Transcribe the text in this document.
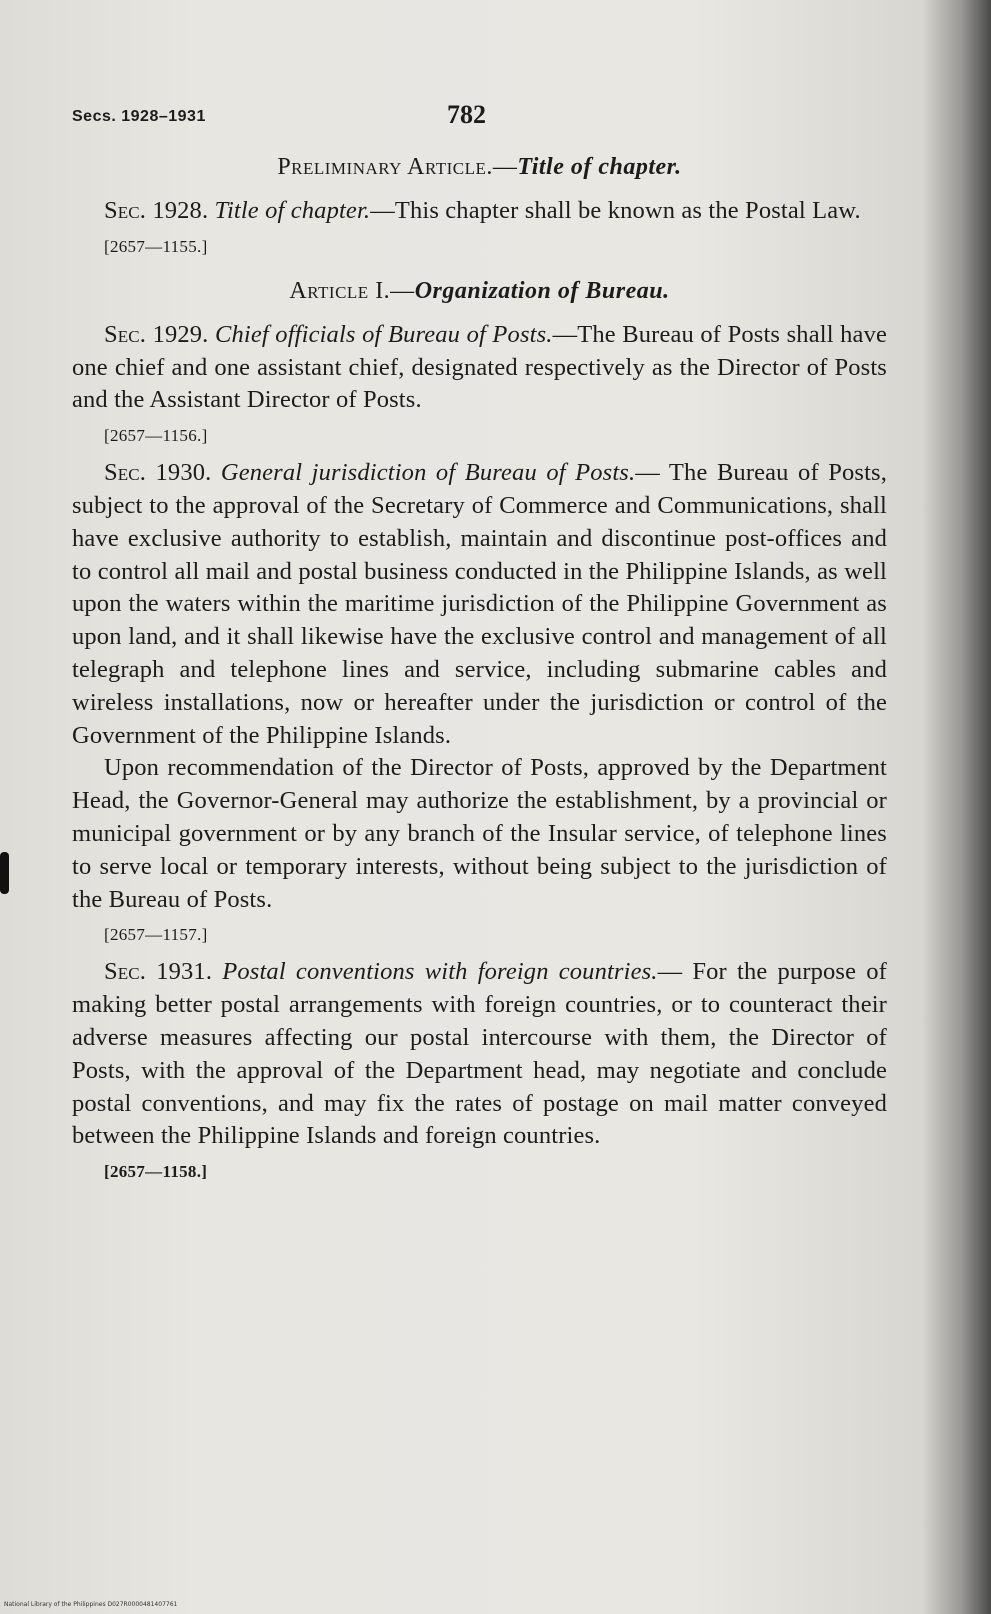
Secs. 1928–1931	782
Preliminary Article.—Title of chapter.

Sec. 1928. Title of chapter.—This chapter shall be known as the Postal Law.

[2657—1155.]

Article I.—Organization of Bureau.

Sec. 1929. Chief officials of Bureau of Posts.—The Bureau of Posts shall have one chief and one assistant chief, designated respectively as the Director of Posts and the Assistant Director of Posts.

[2657—1156.]

Sec. 1930. General jurisdiction of Bureau of Posts.— The Bureau of Posts, subject to the approval of the Secretary of Commerce and Communications, shall have exclusive authority to establish, maintain and discontinue post-offices and to control all mail and postal business conducted in the Philippine Islands, as well upon the waters within the maritime jurisdiction of the Philippine Government as upon land, and it shall likewise have the exclusive control and management of all telegraph and telephone lines and service, including submarine cables and wireless installations, now or hereafter under the jurisdiction or control of the Government of the Philippine Islands.

Upon recommendation of the Director of Posts, approved by the Department Head, the Governor-General may authorize the establishment, by a provincial or municipal government or by any branch of the Insular service, of telephone lines to serve local or temporary interests, without being subject to the jurisdiction of the Bureau of Posts.

[2657—1157.]

Sec. 1931. Postal conventions with foreign countries.— For the purpose of making better postal arrangements with foreign countries, or to counteract their adverse measures affecting our postal intercourse with them, the Director of Posts, with the approval of the Department head, may negotiate and conclude postal conventions, and may fix the rates of postage on mail matter conveyed between the Philippine Islands and foreign countries.

[2657—1158.]

National Library of the Philippines D027R0000481407761
